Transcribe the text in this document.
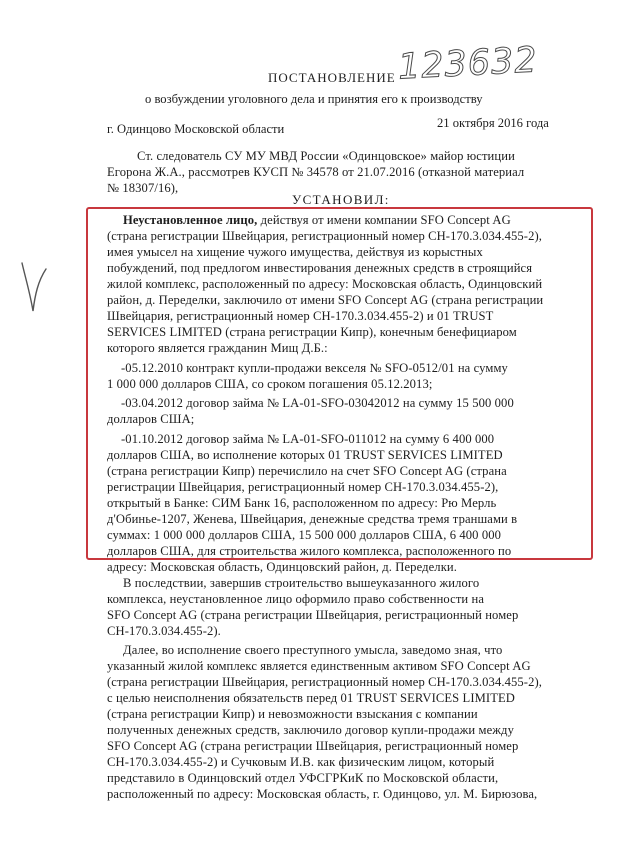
ПОСТАНОВЛЕНИЕ 123632
о возбуждении уголовного дела и принятия его к производству
г. Одинцово Московской области	21 октября 2016 года
Ст. следователь СУ МУ МВД России «Одинцовское» майор юстиции
Егорона Ж.А., рассмотрев КУСП № 34578 от 21.07.2016 (отказной материал
№ 18307/16),
УСТАНОВИЛ:
Неустановленное лицо, действуя от имени компании SFO Concept AG
(страна регистрации Швейцария, регистрационный номер CH-170.3.034.455-2),
имея умысел на хищение чужого имущества, действуя из корыстных
побуждений, под предлогом инвестирования денежных средств в строящийся
жилой комплекс, расположенный по адресу: Московская область, Одинцовский
район, д. Переделки, заключило от имени SFO Concept AG (страна регистрации
Швейцария, регистрационный номер CH-170.3.034.455-2) и 01 TRUST
SERVICES LIMITED (страна регистрации Кипр), конечным бенефициаром
которого является гражданин Мищ Д.Б.:
-05.12.2010 контракт купли-продажи векселя № SFO-0512/01 на сумму
1 000 000 долларов США, со сроком погашения 05.12.2013;
-03.04.2012 договор займа № LA-01-SFO-03042012 на сумму 15 500 000
долларов США;
-01.10.2012 договор займа № LA-01-SFO-011012 на сумму 6 400 000
долларов США, во исполнение которых 01 TRUST SERVICES LIMITED
(страна регистрации Кипр) перечислило на счет SFO Concept AG (страна
регистрации Швейцария, регистрационный номер CH-170.3.034.455-2),
открытый в Банке: СИМ Банк 16, расположенном по адресу: Рю Мерль
д'Обинье-1207, Женева, Швейцария, денежные средства тремя траншами в
суммах: 1 000 000 долларов США, 15 500 000 долларов США, 6 400 000
долларов США, для строительства жилого комплекса, расположенного по
адресу: Московская область, Одинцовский район, д. Переделки.
В последствии, завершив строительство вышеуказанного жилого
комплекса, неустановленное лицо оформило право собственности на
SFO Concept AG (страна регистрации Швейцария, регистрационный номер
CH-170.3.034.455-2).
Далее, во исполнение своего преступного умысла, заведомо зная, что
указанный жилой комплекс является единственным активом SFO Concept AG
(страна регистрации Швейцария, регистрационный номер CH-170.3.034.455-2),
с целью неисполнения обязательств перед 01 TRUST SERVICES LIMITED
(страна регистрации Кипр) и невозможности взыскания с компании
полученных денежных средств, заключило договор купли-продажи между
SFO Concept AG (страна регистрации Швейцария, регистрационный номер
CH-170.3.034.455-2) и Сучковым И.В. как физическим лицом, который
представило в Одинцовский отдел УФСГРКиК по Московской области,
расположенный по адресу: Московская область, г. Одинцово, ул. М. Бирюзова,
